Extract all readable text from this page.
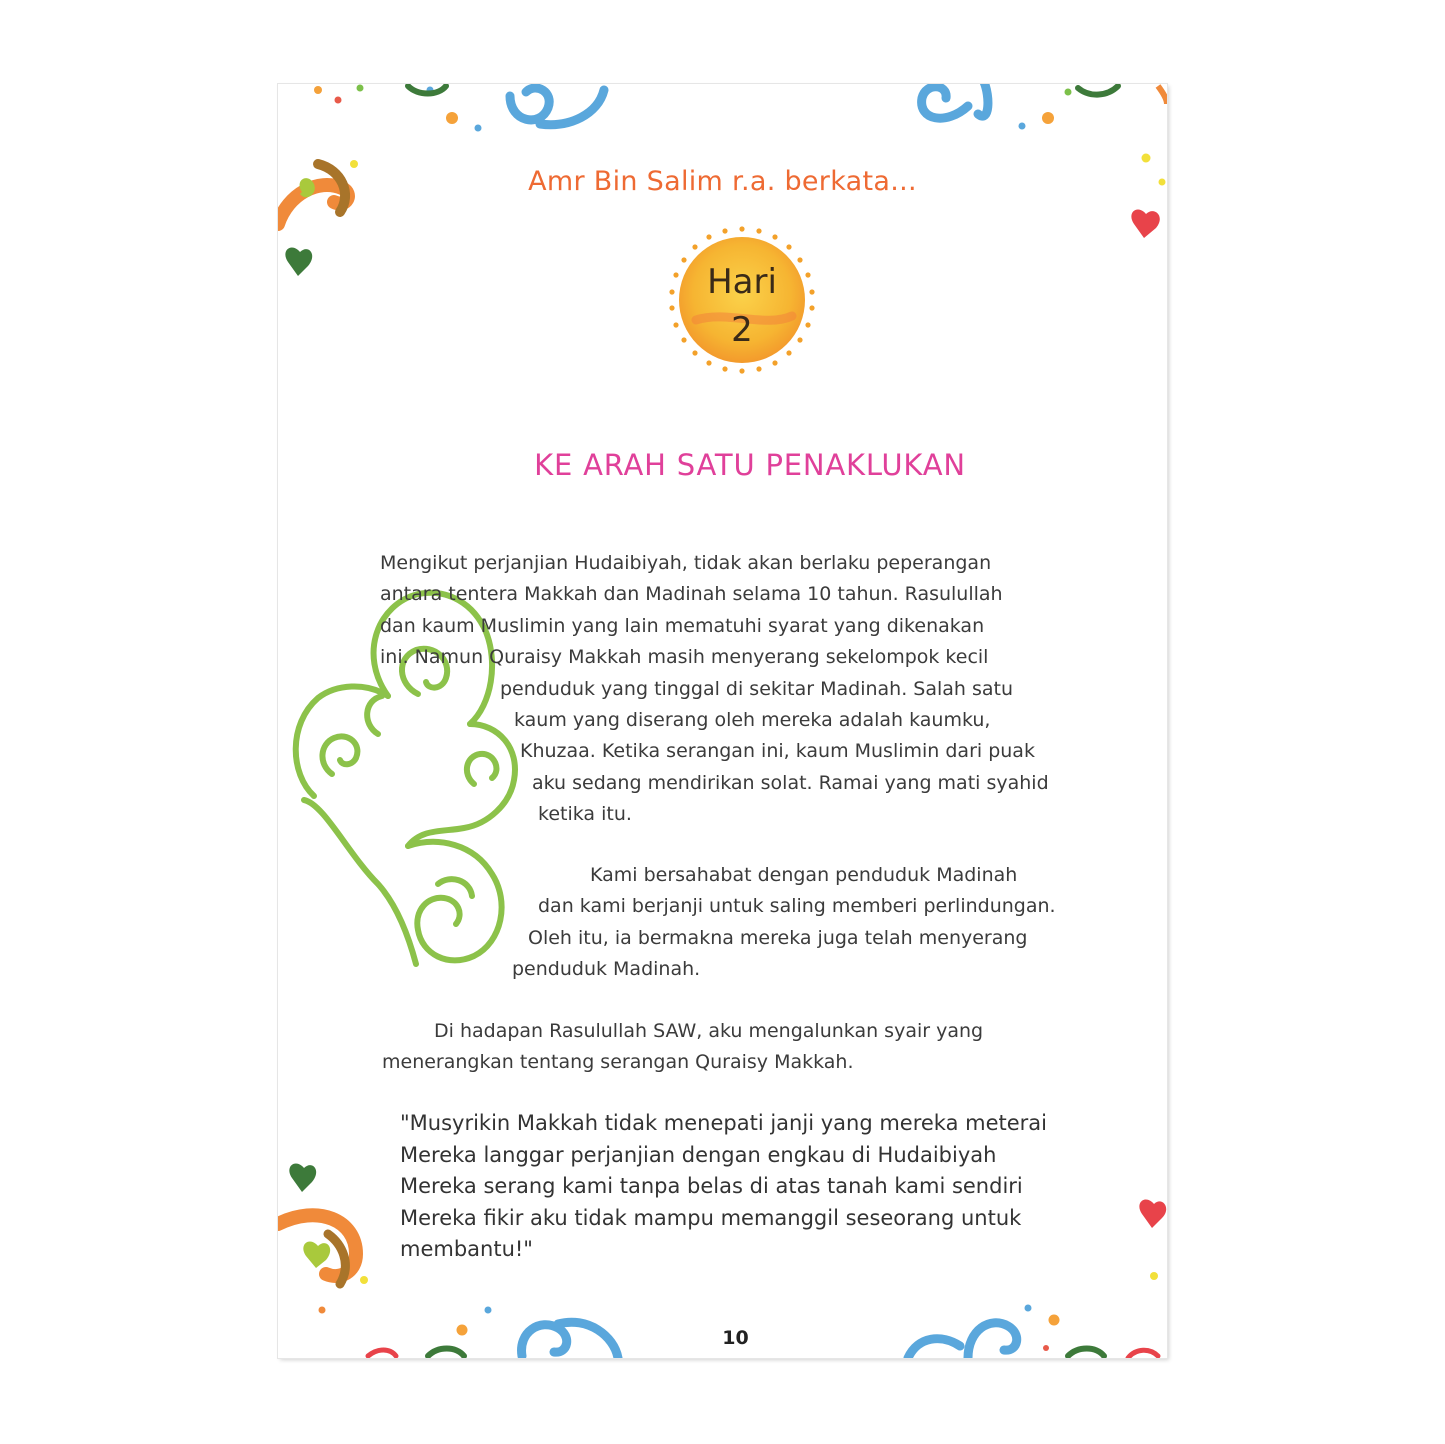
Amr Bin Salim r.a. berkata...
Hari
2
KE ARAH SATU PENAKLUKAN
Mengikut perjanjian Hudaibiyah, tidak akan berlaku peperangan
antara tentera Makkah dan Madinah selama 10 tahun. Rasulullah
dan kaum Muslimin yang lain mematuhi syarat yang dikenakan
ini. Namun Quraisy Makkah masih menyerang sekelompok kecil
penduduk yang tinggal di sekitar Madinah. Salah satu
kaum yang diserang oleh mereka adalah kaumku,
Khuzaa. Ketika serangan ini, kaum Muslimin dari puak
aku sedang mendirikan solat. Ramai yang mati syahid
ketika itu.
Kami bersahabat dengan penduduk Madinah
dan kami berjanji untuk saling memberi perlindungan.
Oleh itu, ia bermakna mereka juga telah menyerang
penduduk Madinah.
Di hadapan Rasulullah SAW, aku mengalunkan syair yang
menerangkan tentang serangan Quraisy Makkah.
"Musyrikin Makkah tidak menepati janji yang mereka meterai
Mereka langgar perjanjian dengan engkau di Hudaibiyah
Mereka serang kami tanpa belas di atas tanah kami sendiri
Mereka fikir aku tidak mampu memanggil seseorang untuk
membantu!"
10
